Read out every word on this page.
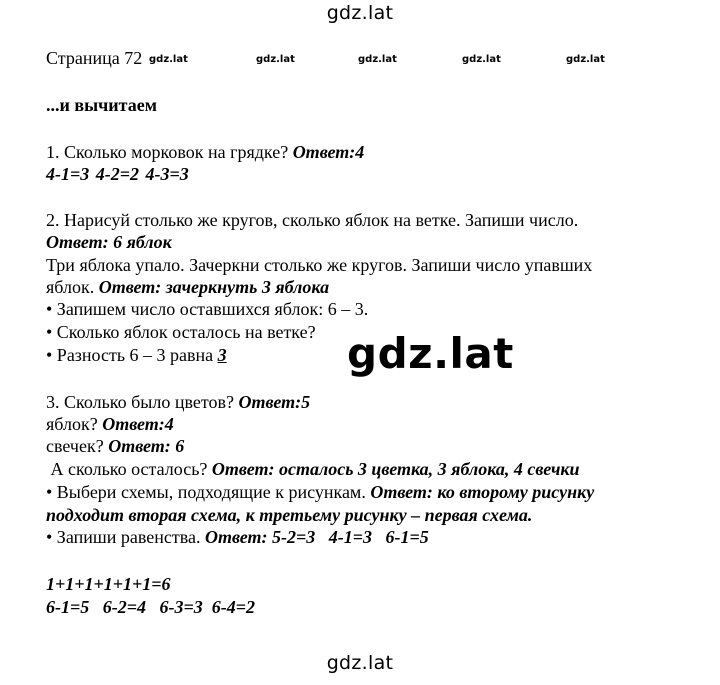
gdz.lat
Страница 72 gdz.lat	gdz.lat	gdz.lat	gdz.lat	gdz.lat
...и вычитаем
1. Сколько морковок на грядке? Ответ:4
4-1=3 4-2=2 4-3=3
2. Нарисуй столько же кругов, сколько яблок на ветке. Запиши число.
Ответ: 6 яблок
Три яблока упало. Зачеркни столько же кругов. Запиши число упавших
яблок. Ответ: зачеркнуть 3 яблока
• Запишем число оставшихся яблок: 6 – 3.
• Сколько яблок осталось на ветке?
• Разность 6 – 3 равна 3	gdz.lat
3. Сколько было цветов? Ответ:5
яблок? Ответ:4
свечек? Ответ: 6
А сколько осталось? Ответ: осталось 3 цветка, 3 яблока, 4 свечки
• Выбери схемы, подходящие к рисункам. Ответ: ко второму рисунку
подходит вторая схема, к третьему рисунку – первая схема.
• Запиши равенства. Ответ: 5-2=3   4-1=3   6-1=5
1+1+1+1+1+1=6
6-1=5   6-2=4   6-3=3  6-4=2
gdz.lat
